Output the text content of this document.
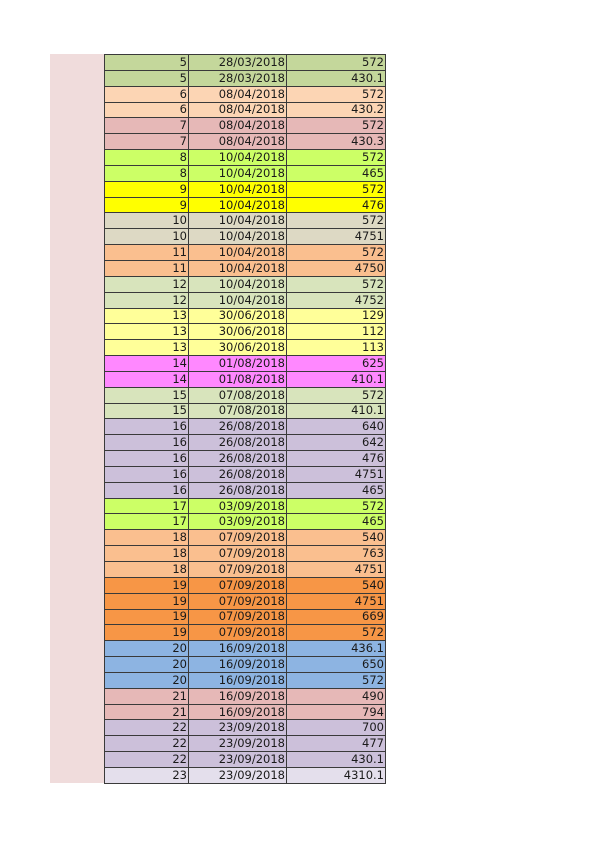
5	28/03/2018	572
5	28/03/2018	430.1
6	08/04/2018	572
6	08/04/2018	430.2
7	08/04/2018	572
7	08/04/2018	430.3
8	10/04/2018	572
8	10/04/2018	465
9	10/04/2018	572
9	10/04/2018	476
10	10/04/2018	572
10	10/04/2018	4751
11	10/04/2018	572
11	10/04/2018	4750
12	10/04/2018	572
12	10/04/2018	4752
13	30/06/2018	129
13	30/06/2018	112
13	30/06/2018	113
14	01/08/2018	625
14	01/08/2018	410.1
15	07/08/2018	572
15	07/08/2018	410.1
16	26/08/2018	640
16	26/08/2018	642
16	26/08/2018	476
16	26/08/2018	4751
16	26/08/2018	465
17	03/09/2018	572
17	03/09/2018	465
18	07/09/2018	540
18	07/09/2018	763
18	07/09/2018	4751
19	07/09/2018	540
19	07/09/2018	4751
19	07/09/2018	669
19	07/09/2018	572
20	16/09/2018	436.1
20	16/09/2018	650
20	16/09/2018	572
21	16/09/2018	490
21	16/09/2018	794
22	23/09/2018	700
22	23/09/2018	477
22	23/09/2018	430.1
23	23/09/2018	4310.1
